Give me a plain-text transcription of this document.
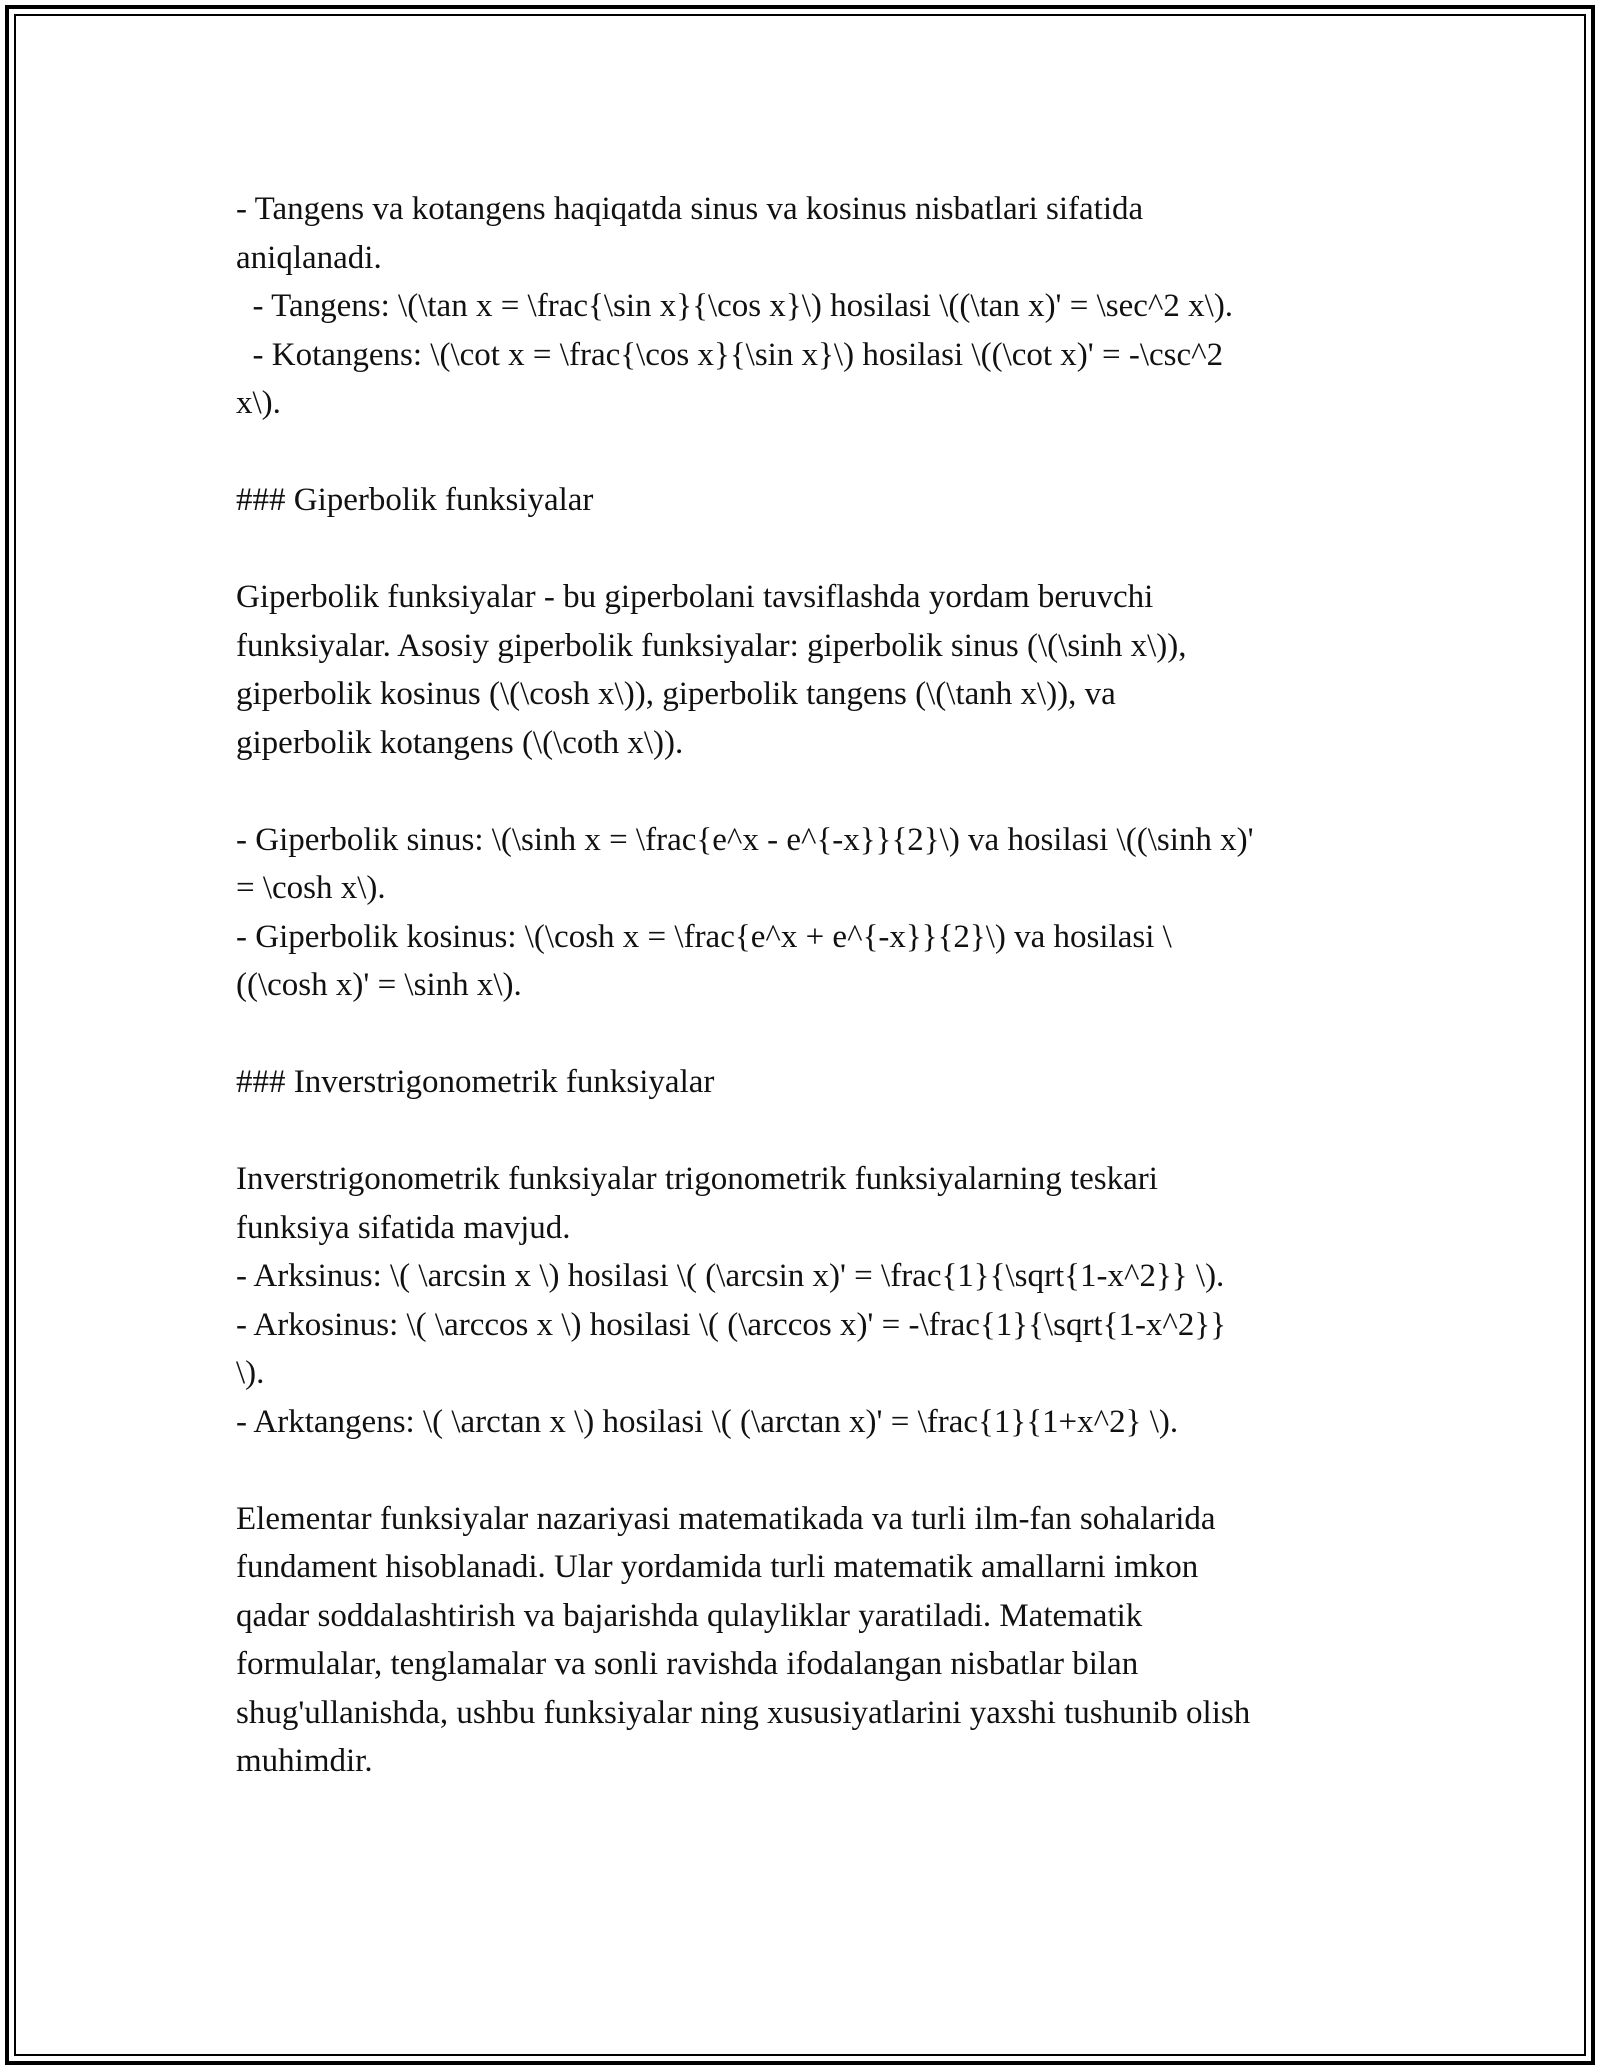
- Tangens va kotangens haqiqatda sinus va kosinus nisbatlari sifatida
aniqlanadi.
- Tangens: \(\tan x = \frac{\sin x}{\cos x}\) hosilasi \((\tan x)' = \sec^2 x\).
- Kotangens: \(\cot x = \frac{\cos x}{\sin x}\) hosilasi \((\cot x)' = -\csc^2
x\).
### Giperbolik funksiyalar
Giperbolik funksiyalar - bu giperbolani tavsiflashda yordam beruvchi
funksiyalar. Asosiy giperbolik funksiyalar: giperbolik sinus (\(\sinh x\)),
giperbolik kosinus (\(\cosh x\)), giperbolik tangens (\(\tanh x\)), va
giperbolik kotangens (\(\coth x\)).
- Giperbolik sinus: \(\sinh x = \frac{e^x - e^{-x}}{2}\) va hosilasi \((\sinh x)'
= \cosh x\).
- Giperbolik kosinus: \(\cosh x = \frac{e^x + e^{-x}}{2}\) va hosilasi \
((\cosh x)' = \sinh x\).
### Inverstrigonometrik funksiyalar
Inverstrigonometrik funksiyalar trigonometrik funksiyalarning teskari
funksiya sifatida mavjud.
- Arksinus: \( \arcsin x \) hosilasi \( (\arcsin x)' = \frac{1}{\sqrt{1-x^2}} \).
- Arkosinus: \( \arccos x \) hosilasi \( (\arccos x)' = -\frac{1}{\sqrt{1-x^2}}
\).
- Arktangens: \( \arctan x \) hosilasi \( (\arctan x)' = \frac{1}{1+x^2} \).
Elementar funksiyalar nazariyasi matematikada va turli ilm-fan sohalarida
fundament hisoblanadi. Ular yordamida turli matematik amallarni imkon
qadar soddalashtirish va bajarishda qulayliklar yaratiladi. Matematik
formulalar, tenglamalar va sonli ravishda ifodalangan nisbatlar bilan
shug'ullanishda, ushbu funksiyalar ning xususiyatlarini yaxshi tushunib olish
muhimdir.
